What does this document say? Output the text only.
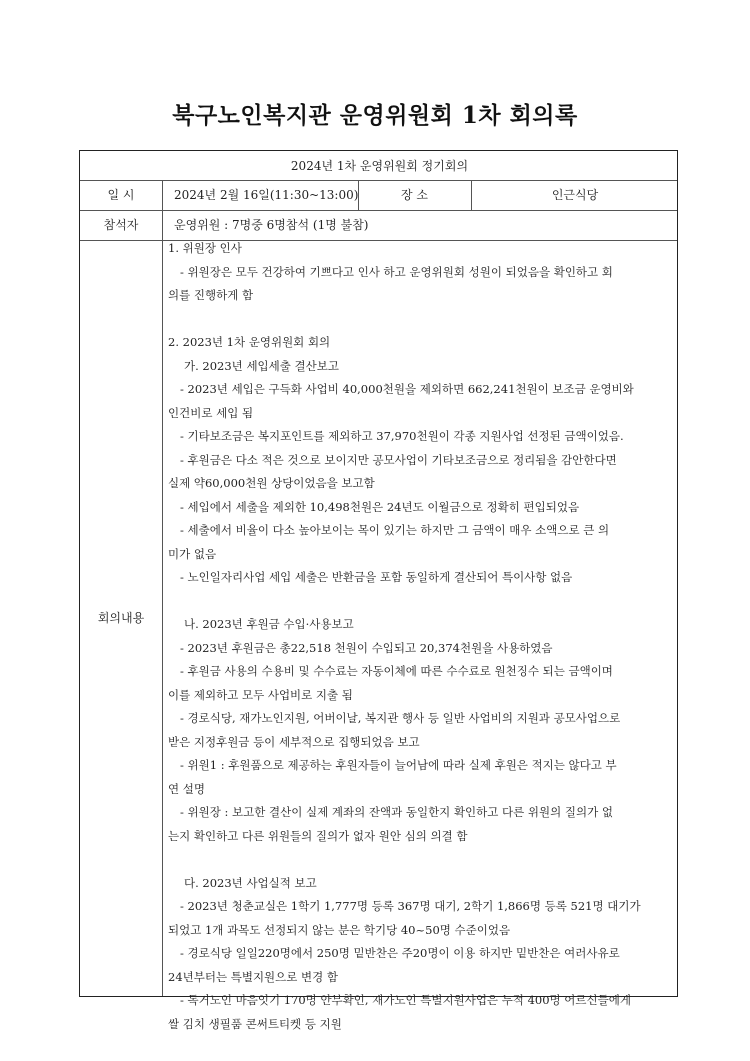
북구노인복지관 운영위원회 1차 회의록
2024년 1차 운영위원회 정기회의
일 시	2024년 2월 16일(11:30~13:00)	장 소	인근식당
참석자	운영위원 : 7명중 6명참석 (1명 불참)
회의내용
1. 위원장 인사
- 위원장은 모두 건강하여 기쁘다고 인사 하고 운영위원회 성원이 되었음을 확인하고 회
의를 진행하게 함
2. 2023년 1차 운영위원회 회의
가. 2023년 세입세출 결산보고
- 2023년 세입은 구득화 사업비 40,000천원을 제외하면 662,241천원이 보조금 운영비와
인건비로 세입 됨
- 기타보조금은 복지포인트를 제외하고 37,970천원이 각종 지원사업 선정된 금액이었음.
- 후원금은 다소 적은 것으로 보이지만 공모사업이 기타보조금으로 정리됨을 감안한다면
실제 약60,000천원 상당이었음을 보고함
- 세입에서 세출을 제외한 10,498천원은 24년도 이월금으로 정확히 편입되었음
- 세출에서 비율이 다소 높아보이는 목이 있기는 하지만 그 금액이 매우 소액으로 큰 의
미가 없음
- 노인일자리사업 세입 세출은 반환금을 포함 동일하게 결산되어 특이사항 없음
나. 2023년 후원금 수입·사용보고
- 2023년 후원금은 총22,518 천원이 수입되고 20,374천원을 사용하였음
- 후원금 사용의 수용비 및 수수료는 자동이체에 따른 수수료로 원천징수 되는 금액이며
이를 제외하고 모두 사업비로 지출 됨
- 경로식당, 재가노인지원, 어버이날, 복지관 행사 등 일반 사업비의 지원과 공모사업으로
받은 지정후원금 등이 세부적으로 집행되었음 보고
- 위원1 : 후원품으로 제공하는 후원자들이 늘어남에 따라 실제 후원은 적지는 않다고 부
연 설명
- 위원장 : 보고한 결산이 실제 계좌의 잔액과 동일한지 확인하고 다른 위원의 질의가 없
는지 확인하고 다른 위원들의 질의가 없자 원안 심의 의결 함
다. 2023년 사업실적 보고
- 2023년 청춘교실은 1학기 1,777명 등록 367명 대기, 2학기 1,866명 등록 521명 대기가
되었고 1개 과목도 선정되지 않는 분은 학기당 40~50명 수준이었음
- 경로식당 일일220명에서 250명 밑반찬은 주20명이 이용 하지만 밑반찬은 여러사유로
24년부터는 특별지원으로 변경 함
- 독거노인 마음잇기 170명 안부확인, 재가노인 특별지원사업은 누적 400명 어르신들에게
쌀 김치 생필품 콘써트티켓 등 지원
